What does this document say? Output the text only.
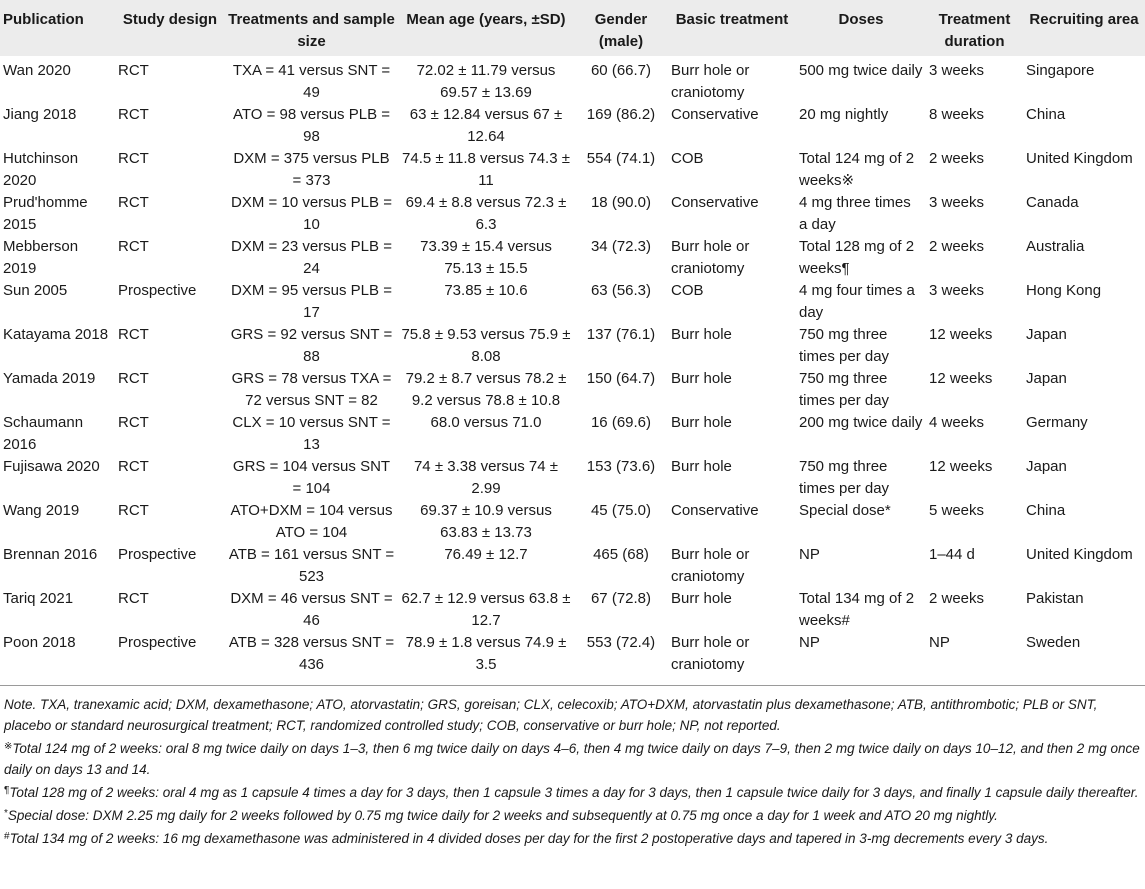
Publication	Study design	Treatments and sample size	Mean age (years, ±SD)	Gender (male)	Basic treatment	Doses	Treatment duration	Recruiting area
Wan 2020	RCT	TXA = 41 versus SNT = 49	72.02 ± 11.79 versus 69.57 ± 13.69	60 (66.7)	Burr hole or craniotomy	500 mg twice daily	3 weeks	Singapore
Jiang 2018	RCT	ATO = 98 versus PLB = 98	63 ± 12.84 versus 67 ± 12.64	169 (86.2)	Conservative	20 mg nightly	8 weeks	China
Hutchinson 2020	RCT	DXM = 375 versus PLB = 373	74.5 ± 11.8 versus 74.3 ± 11	554 (74.1)	COB	Total 124 mg of 2 weeks※	2 weeks	United Kingdom
Prud'homme 2015	RCT	DXM = 10 versus PLB = 10	69.4 ± 8.8 versus 72.3 ± 6.3	18 (90.0)	Conservative	4 mg three times a day	3 weeks	Canada
Mebberson 2019	RCT	DXM = 23 versus PLB = 24	73.39 ± 15.4 versus 75.13 ± 15.5	34 (72.3)	Burr hole or craniotomy	Total 128 mg of 2 weeks¶	2 weeks	Australia
Sun 2005	Prospective	DXM = 95 versus PLB = 17	73.85 ± 10.6	63 (56.3)	COB	4 mg four times a day	3 weeks	Hong Kong
Katayama 2018	RCT	GRS = 92 versus SNT = 88	75.8 ± 9.53 versus 75.9 ± 8.08	137 (76.1)	Burr hole	750 mg three times per day	12 weeks	Japan
Yamada 2019	RCT	GRS = 78 versus TXA = 72 versus SNT = 82	79.2 ± 8.7 versus 78.2 ± 9.2 versus 78.8 ± 10.8	150 (64.7)	Burr hole	750 mg three times per day	12 weeks	Japan
Schaumann 2016	RCT	CLX = 10 versus SNT = 13	68.0 versus 71.0	16 (69.6)	Burr hole	200 mg twice daily	4 weeks	Germany
Fujisawa 2020	RCT	GRS = 104 versus SNT = 104	74 ± 3.38 versus 74 ± 2.99	153 (73.6)	Burr hole	750 mg three times per day	12 weeks	Japan
Wang 2019	RCT	ATO+DXM = 104 versus ATO = 104	69.37 ± 10.9 versus 63.83 ± 13.73	45 (75.0)	Conservative	Special dose*	5 weeks	China
Brennan 2016	Prospective	ATB = 161 versus SNT = 523	76.49 ± 12.7	465 (68)	Burr hole or craniotomy	NP	1–44 d	United Kingdom
Tariq 2021	RCT	DXM = 46 versus SNT = 46	62.7 ± 12.9 versus 63.8 ± 12.7	67 (72.8)	Burr hole	Total 134 mg of 2 weeks#	2 weeks	Pakistan
Poon 2018	Prospective	ATB = 328 versus SNT = 436	78.9 ± 1.8 versus 74.9 ± 3.5	553 (72.4)	Burr hole or craniotomy	NP	NP	Sweden

Note. TXA, tranexamic acid; DXM, dexamethasone; ATO, atorvastatin; GRS, goreisan; CLX, celecoxib; ATO+DXM, atorvastatin plus dexamethasone; ATB, antithrombotic; PLB or SNT, placebo or standard neurosurgical treatment; RCT, randomized controlled study; COB, conservative or burr hole; NP, not reported.

※Total 124 mg of 2 weeks: oral 8 mg twice daily on days 1–3, then 6 mg twice daily on days 4–6, then 4 mg twice daily on days 7–9, then 2 mg twice daily on days 10–12, and then 2 mg once daily on days 13 and 14.

¶Total 128 mg of 2 weeks: oral 4 mg as 1 capsule 4 times a day for 3 days, then 1 capsule 3 times a day for 3 days, then 1 capsule twice daily for 3 days, and finally 1 capsule daily thereafter.

*Special dose: DXM 2.25 mg daily for 2 weeks followed by 0.75 mg twice daily for 2 weeks and subsequently at 0.75 mg once a day for 1 week and ATO 20 mg nightly.

#Total 134 mg of 2 weeks: 16 mg dexamethasone was administered in 4 divided doses per day for the first 2 postoperative days and tapered in 3-mg decrements every 3 days.
